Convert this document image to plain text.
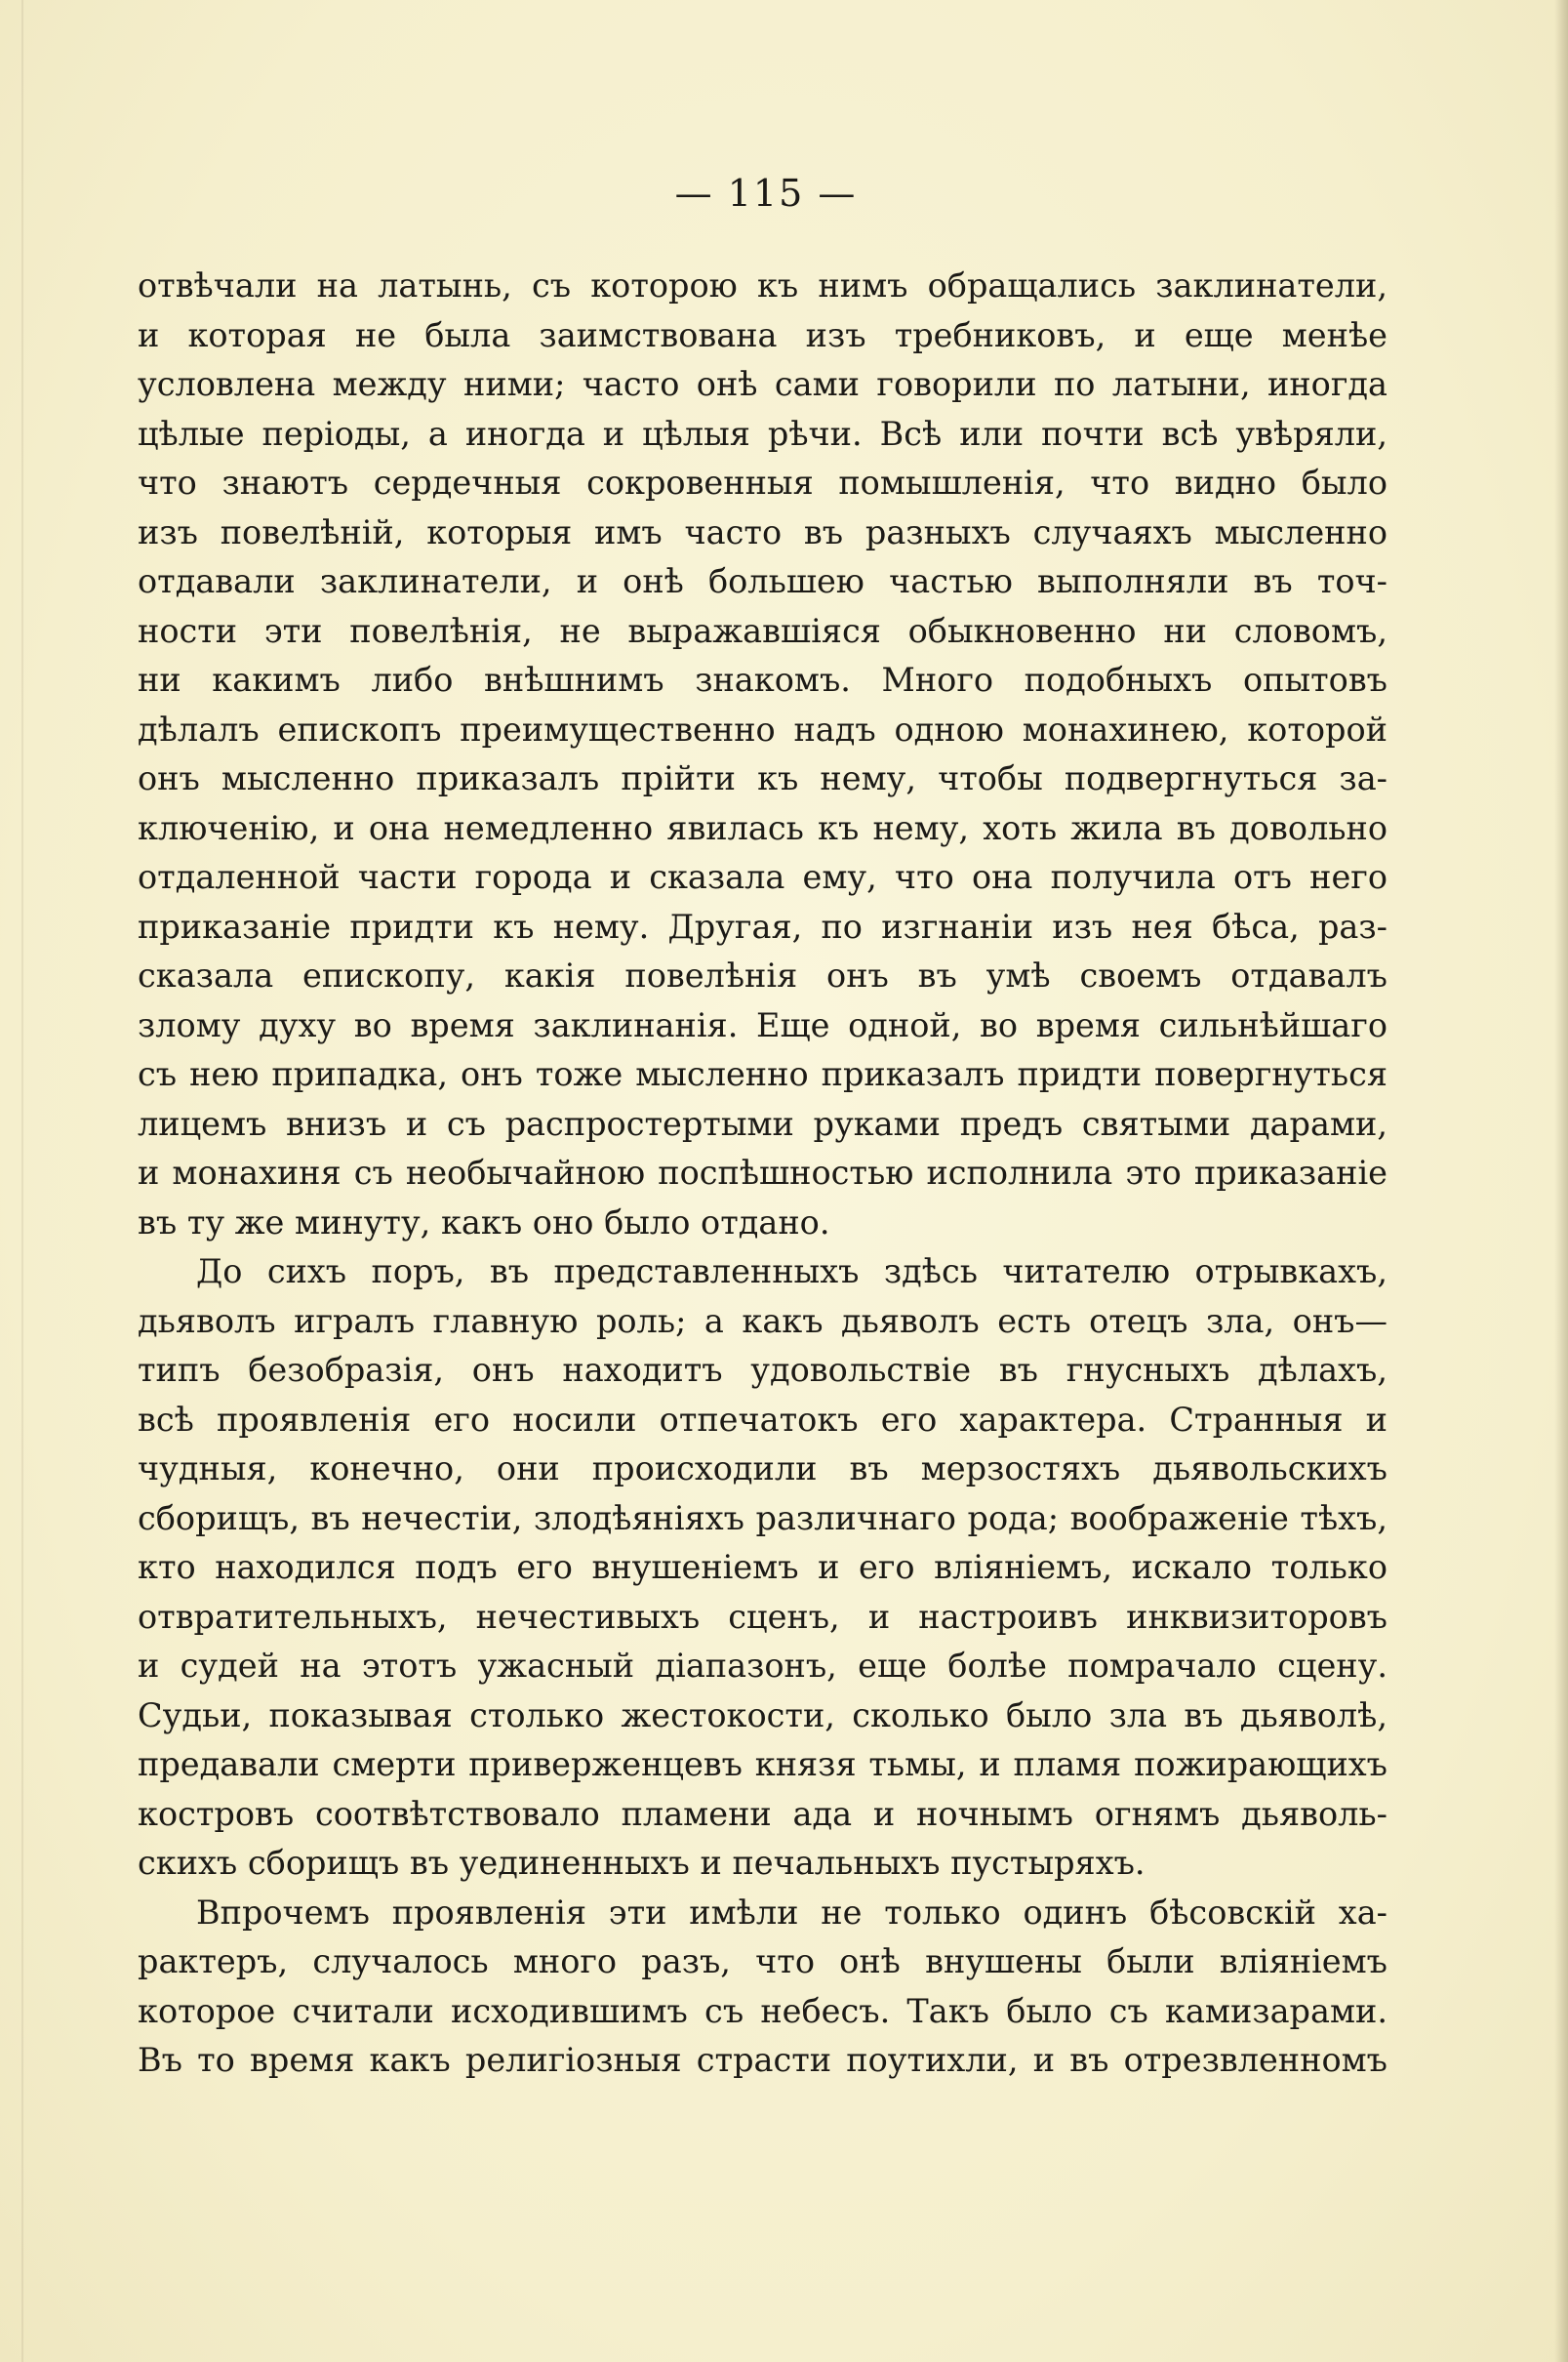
— 115 —
отвѣчали на латынь, съ которою къ нимъ обращались заклинатели,
и которая не была заимствована изъ требниковъ, и еще менѣе
условлена между ними; часто онѣ сами говорили по латыни, иногда
цѣлые періоды, а иногда и цѣлыя рѣчи. Всѣ или почти всѣ увѣряли,
что знаютъ сердечныя сокровенныя помышленія, что видно было
изъ повелѣній, которыя имъ часто въ разныхъ случаяхъ мысленно
отдавали заклинатели, и онѣ большею частью выполняли въ точ-
ности эти повелѣнія, не выражавшіяся обыкновенно ни словомъ,
ни какимъ либо внѣшнимъ знакомъ. Много подобныхъ опытовъ
дѣлалъ епископъ преимущественно надъ одною монахинею, которой
онъ мысленно приказалъ прійти къ нему, чтобы подвергнуться за-
ключенію, и она немедленно явилась къ нему, хоть жила въ довольно
отдаленной части города и сказала ему, что она получила отъ него
приказаніе придти къ нему. Другая, по изгнаніи изъ нея бѣса, раз-
сказала епископу, какія повелѣнія онъ въ умѣ своемъ отдавалъ
злому духу во время заклинанія. Еще одной, во время сильнѣйшаго
съ нею припадка, онъ тоже мысленно приказалъ придти повергнуться
лицемъ внизъ и съ распростертыми руками предъ святыми дарами,
и монахиня съ необычайною поспѣшностью исполнила это приказаніе
въ ту же минуту, какъ оно было отдано.
До сихъ поръ, въ представленныхъ здѣсь читателю отрывкахъ,
дьяволъ игралъ главную роль; а какъ дьяволъ есть отецъ зла, онъ—
типъ безобразія, онъ находитъ удовольствіе въ гнусныхъ дѣлахъ,
всѣ проявленія его носили отпечатокъ его характера. Странныя и
чудныя, конечно, они происходили въ мерзостяхъ дьявольскихъ
сборищъ, въ нечестіи, злодѣяніяхъ различнаго рода; воображеніе тѣхъ,
кто находился подъ его внушеніемъ и его вліяніемъ, искало только
отвратительныхъ, нечестивыхъ сценъ, и настроивъ инквизиторовъ
и судей на этотъ ужасный діапазонъ, еще болѣе помрачало сцену.
Судьи, показывая столько жестокости, сколько было зла въ дьяволѣ,
предавали смерти приверженцевъ князя тьмы, и пламя пожирающихъ
костровъ соотвѣтствовало пламени ада и ночнымъ огнямъ дьяволь-
скихъ сборищъ въ уединенныхъ и печальныхъ пустыряхъ.
Впрочемъ проявленія эти имѣли не только одинъ бѣсовскій ха-
рактеръ, случалось много разъ, что онѣ внушены были вліяніемъ
которое считали исходившимъ съ небесъ. Такъ было съ камизарами.
Въ то время какъ религіозныя страсти поутихли, и въ отрезвленномъ
